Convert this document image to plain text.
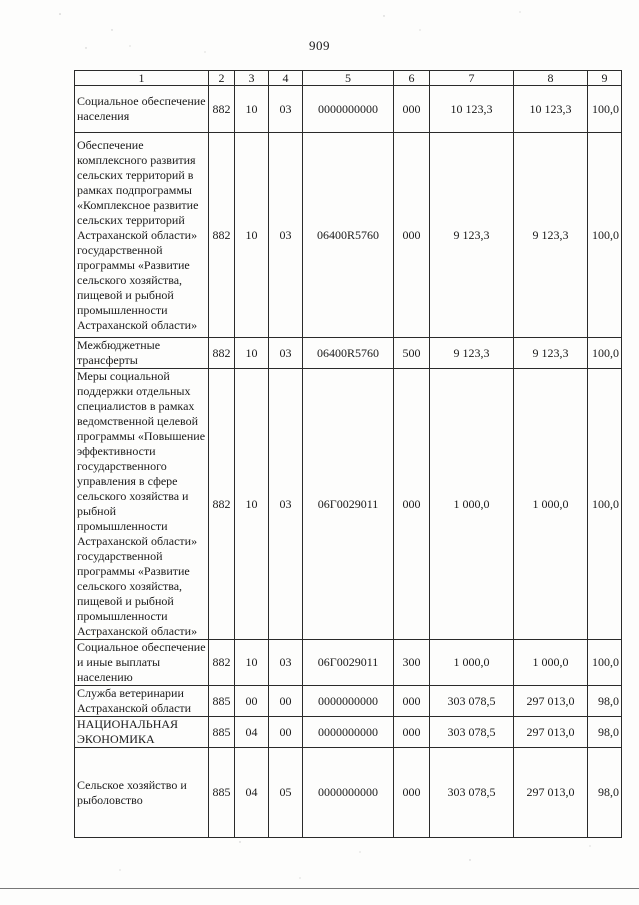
909
1	2	3	4	5	6	7	8	9
Социальное обеспечение населения	882	10	03	0000000000	000	10 123,3	10 123,3	100,0
Обеспечение комплексного развития сельских территорий в рамках подпрограммы «Комплексное развитие сельских территорий Астраханской области» государственной программы «Развитие сельского хозяйства, пищевой и рыбной промышленности Астраханской области»	882	10	03	06400R5760	000	9 123,3	9 123,3	100,0
Межбюджетные трансферты	882	10	03	06400R5760	500	9 123,3	9 123,3	100,0
Меры социальной поддержки отдельных специалистов в рамках ведомственной целевой программы «Повышение эффективности государственного управления в сфере сельского хозяйства и рыбной промышленности Астраханской области» государственной программы «Развитие сельского хозяйства, пищевой и рыбной промышленности Астраханской области»	882	10	03	06Г0029011	000	1 000,0	1 000,0	100,0
Социальное обеспечение и иные выплаты населению	882	10	03	06Г0029011	300	1 000,0	1 000,0	100,0
Служба ветеринарии Астраханской области	885	00	00	0000000000	000	303 078,5	297 013,0	98,0
НАЦИОНАЛЬНАЯ ЭКОНОМИКА	885	04	00	0000000000	000	303 078,5	297 013,0	98,0
Сельское хозяйство и рыболовство	885	04	05	0000000000	000	303 078,5	297 013,0	98,0
